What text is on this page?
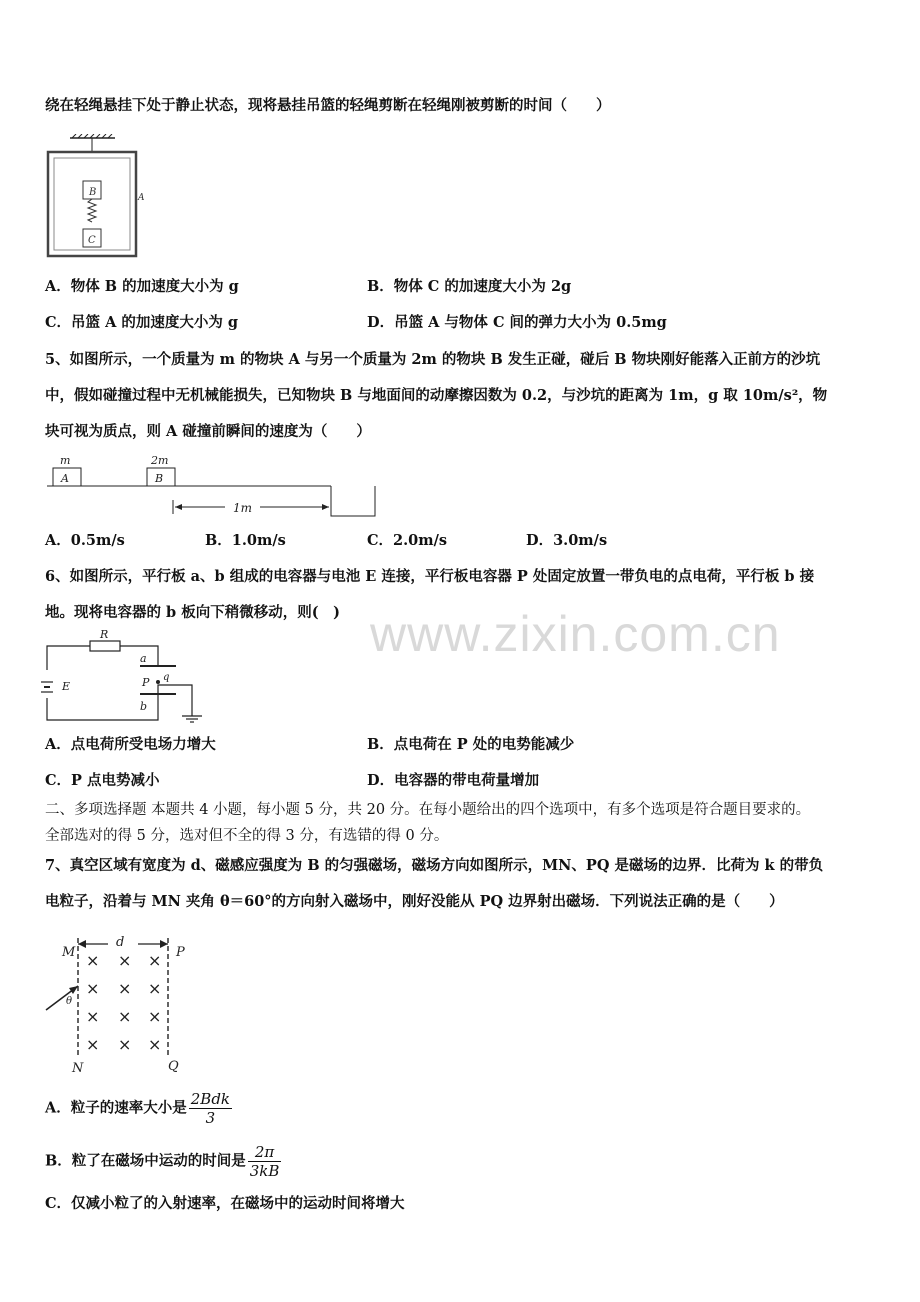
www.zixin.com.cn
绕在轻绳悬挂下处于静止状态，现将悬挂吊篮的轻绳剪断在轻绳刚被剪断的时间（　　）
B
C
A
A．物体 B 的加速度大小为 g	B．物体 C 的加速度大小为 2g
C．吊篮 A 的加速度大小为 g	D．吊篮 A 与物体 C 间的弹力大小为 0.5mg
5、如图所示，一个质量为 m 的物块 A 与另一个质量为 2m 的物块 B 发生正碰，碰后 B 物块刚好能落入正前方的沙坑
中，假如碰撞过程中无机械能损失，已知物块 B 与地面间的动摩擦因数为 0.2，与沙坑的距离为 1m，g 取 10m/s²，物
块可视为质点，则 A 碰撞前瞬间的速度为（　　）
m
A
2m
B
1m
A．0.5m/s	B．1.0m/s	C．2.0m/s	D．3.0m/s
6、如图所示，平行板 a、b 组成的电容器与电池 E 连接，平行板电容器 P 处固定放置一带负电的点电荷，平行板 b 接
地。现将电容器的 b 板向下稍微移动，则(　)
R
a
b
P q
E
A．点电荷所受电场力增大	B．点电荷在 P 处的电势能减少
C．P 点电势减小	D．电容器的带电荷量增加
二、多项选择题 本题共 4 小题，每小题 5 分，共 20 分。在每小题给出的四个选项中，有多个选项是符合题目要求的。
全部选对的得 5 分，选对但不全的得 3 分，有选错的得 0 分。
7、真空区域有宽度为 d、磁感应强度为 B 的匀强磁场，磁场方向如图所示，MN、PQ 是磁场的边界．比荷为 k 的带负
电粒子，沿着与 MN 夹角 θ＝60°的方向射入磁场中，刚好没能从 PQ 边界射出磁场．下列说法正确的是（　　）
M	P
d
× × ×
× × ×
× × ×
× × ×
θ
N	Q
A．粒子的速率大小是 $\frac{\text{2Bdk}}{3}$
B．粒了在磁场中运动的时间是 $\frac{2\pi}{3kB}$
C．仅减小粒了的入射速率，在磁场中的运动时间将增大
